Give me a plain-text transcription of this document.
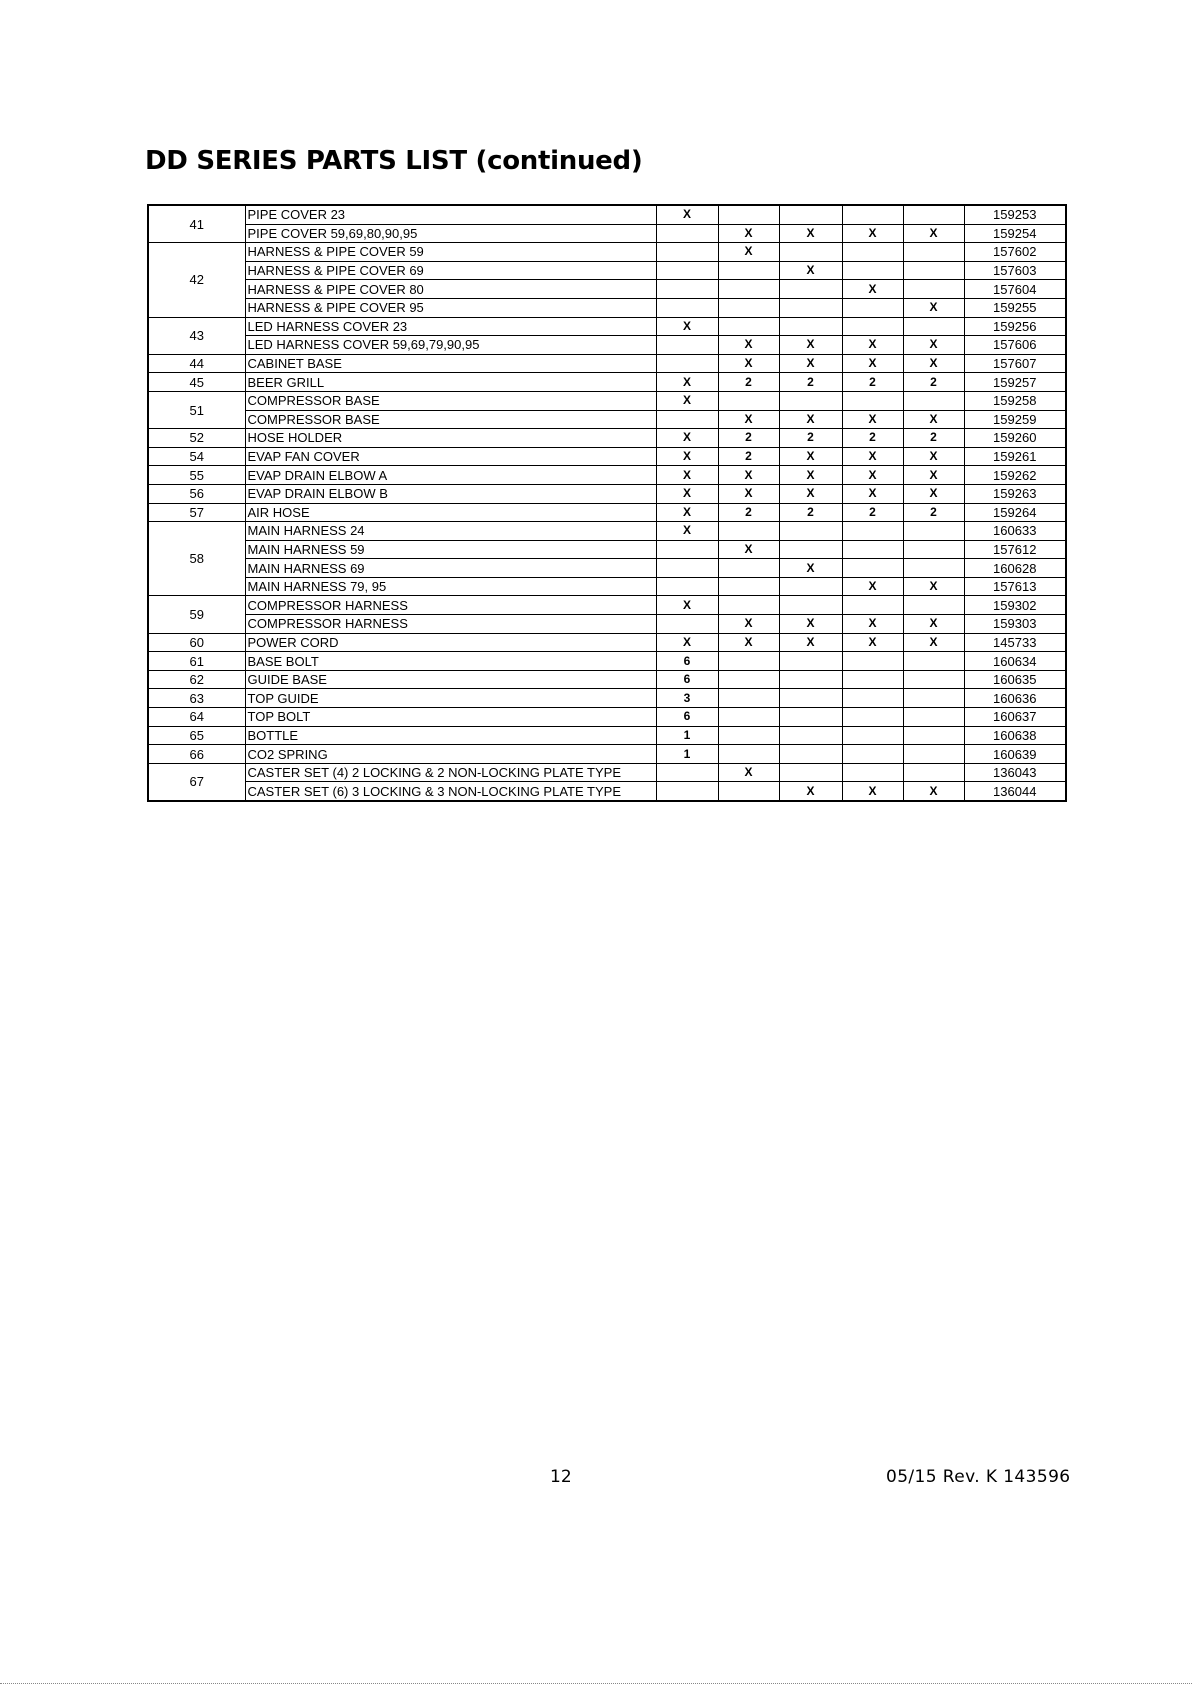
DD SERIES PARTS LIST (continued)
41	PIPE COVER 23	X					159253
	PIPE COVER 59,69,80,90,95		X	X	X	X	159254
42	HARNESS & PIPE COVER 59		X				157602
	HARNESS & PIPE COVER 69			X			157603
	HARNESS & PIPE COVER 80				X		157604
	HARNESS & PIPE COVER 95					X	159255
43	LED HARNESS COVER 23	X					159256
	LED HARNESS COVER 59,69,79,90,95		X	X	X	X	157606
44	CABINET BASE		X	X	X	X	157607
45	BEER GRILL	X	2	2	2	2	159257
51	COMPRESSOR BASE	X					159258
	COMPRESSOR BASE		X	X	X	X	159259
52	HOSE HOLDER	X	2	2	2	2	159260
54	EVAP FAN COVER	X	2	X	X	X	159261
55	EVAP DRAIN ELBOW A	X	X	X	X	X	159262
56	EVAP DRAIN ELBOW B	X	X	X	X	X	159263
57	AIR HOSE	X	2	2	2	2	159264
58	MAIN HARNESS 24	X					160633
	MAIN HARNESS 59		X				157612
	MAIN HARNESS 69			X			160628
	MAIN HARNESS 79, 95				X	X	157613
59	COMPRESSOR HARNESS	X					159302
	COMPRESSOR HARNESS		X	X	X	X	159303
60	POWER CORD	X	X	X	X	X	145733
61	BASE BOLT	6					160634
62	GUIDE BASE	6					160635
63	TOP GUIDE	3					160636
64	TOP BOLT	6					160637
65	BOTTLE	1					160638
66	CO2 SPRING	1					160639
67	CASTER SET (4) 2 LOCKING & 2 NON-LOCKING PLATE TYPE		X				136043
	CASTER SET (6) 3 LOCKING & 3 NON-LOCKING PLATE TYPE			X	X	X	136044
12	05/15 Rev. K 143596
